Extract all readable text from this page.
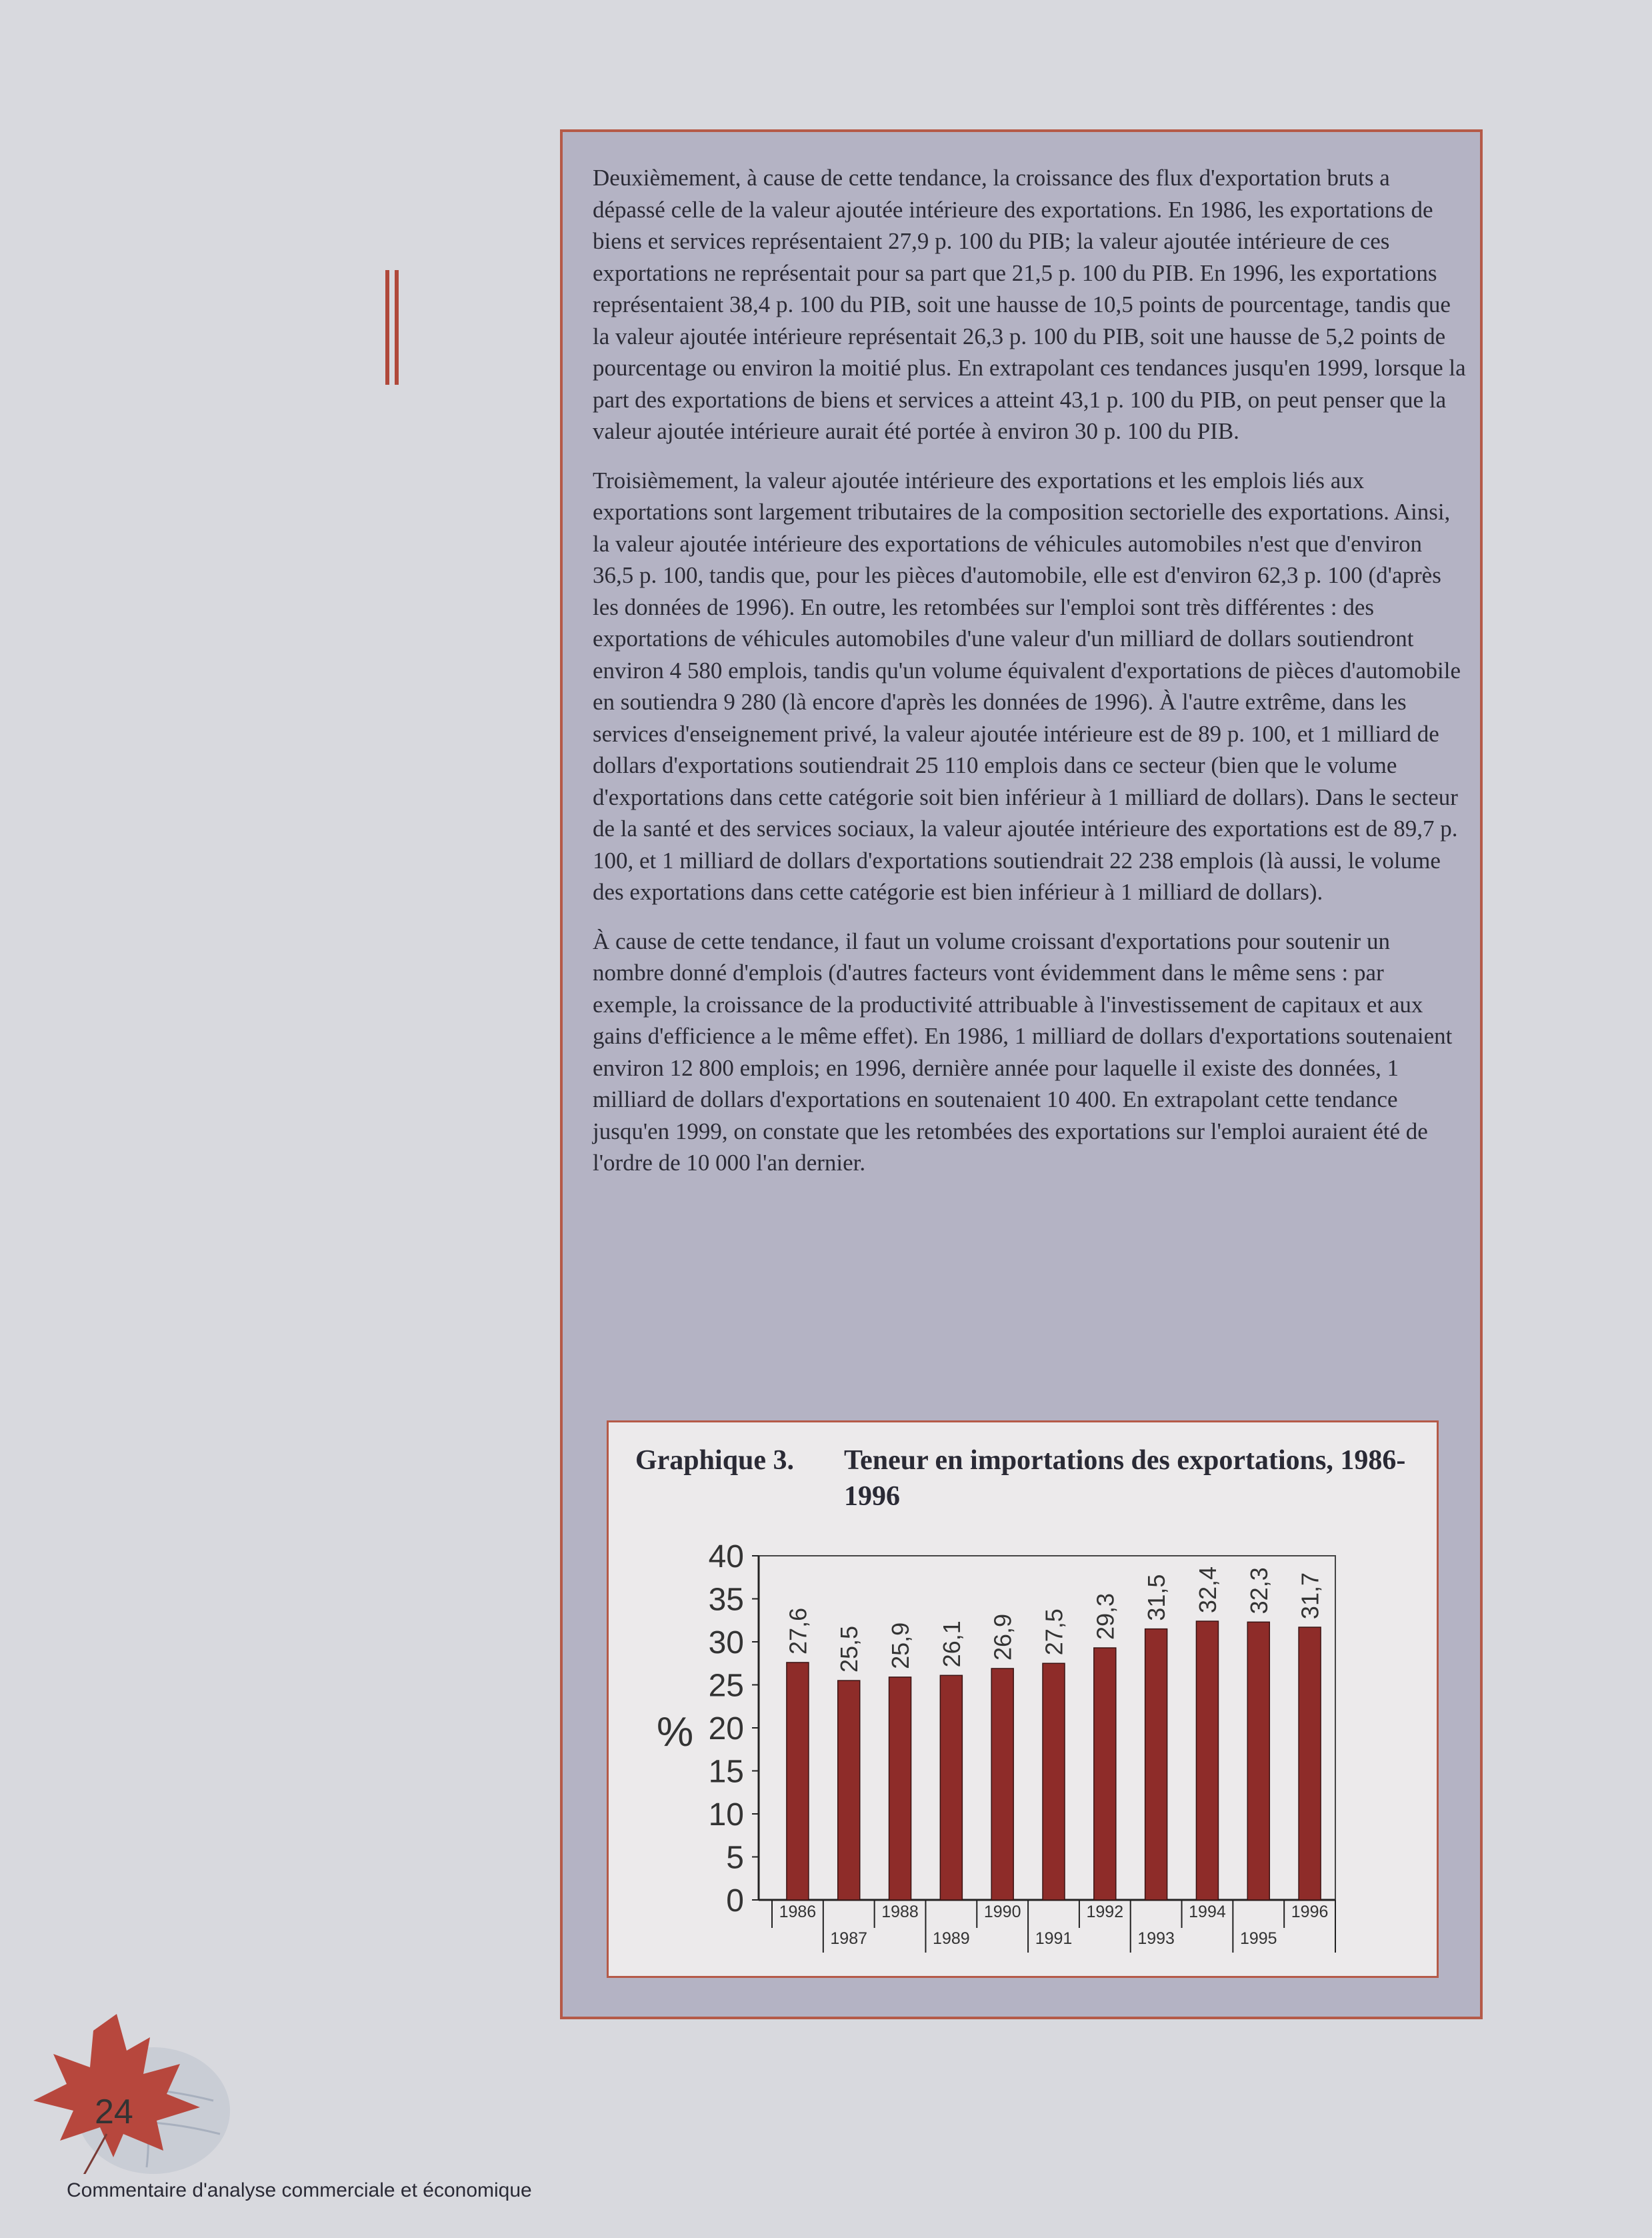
Deuxièmement, à cause de cette tendance, la croissance des flux d'exportation bruts a dépassé celle de la valeur ajoutée intérieure des exportations. En 1986, les exportations de biens et services représentaient 27,9 p. 100 du PIB; la valeur ajoutée intérieure de ces exportations ne représentait pour sa part que 21,5 p. 100 du PIB. En 1996, les exportations représentaient 38,4 p. 100 du PIB, soit une hausse de 10,5 points de pourcentage, tandis que la valeur ajoutée intérieure représentait 26,3 p. 100 du PIB, soit une hausse de 5,2 points de pourcentage ou environ la moitié plus. En extrapolant ces tendances jusqu'en 1999, lorsque la part des exportations de biens et services a atteint 43,1 p. 100 du PIB, on peut penser que la valeur ajoutée intérieure aurait été portée à environ 30 p. 100 du PIB.

Troisièmement, la valeur ajoutée intérieure des exportations et les emplois liés aux exportations sont largement tributaires de la composition sectorielle des exportations. Ainsi, la valeur ajoutée intérieure des exportations de véhicules automobiles n'est que d'environ 36,5 p. 100, tandis que, pour les pièces d'automobile, elle est d'environ 62,3 p. 100 (d'après les données de 1996). En outre, les retombées sur l'emploi sont très différentes : des exportations de véhicules automobiles d'une valeur d'un milliard de dollars soutiendront environ 4 580 emplois, tandis qu'un volume équivalent d'exportations de pièces d'automobile en soutiendra 9 280 (là encore d'après les données de 1996). À l'autre extrême, dans les services d'enseignement privé, la valeur ajoutée intérieure est de 89 p. 100, et 1 milliard de dollars d'exportations soutiendrait 25 110 emplois dans ce secteur (bien que le volume d'exportations dans cette catégorie soit bien inférieur à 1 milliard de dollars). Dans le secteur de la santé et des services sociaux, la valeur ajoutée intérieure des exportations est de 89,7 p. 100, et 1 milliard de dollars d'exportations soutiendrait 22 238 emplois (là aussi, le volume des exportations dans cette catégorie est bien inférieur à 1 milliard de dollars).

À cause de cette tendance, il faut un volume croissant d'exportations pour soutenir un nombre donné d'emplois (d'autres facteurs vont évidemment dans le même sens : par exemple, la croissance de la productivité attribuable à l'investissement de capitaux et aux gains d'efficience a le même effet). En 1986, 1 milliard de dollars d'exportations soutenaient environ 12 800 emplois; en 1996, dernière année pour laquelle il existe des données, 1 milliard de dollars d'exportations en soutenaient 10 400. En extrapolant cette tendance jusqu'en 1999, on constate que les retombées des exportations sur l'emploi auraient été de l'ordre de 10 000 l'an dernier.

0
5
10
15
20
25
30
35
40
%
27,6
1986
25,5
1987
25,9
1988
26,1
1989
26,9
1990
27,5
1991
29,3
1992
31,5
1993
32,4
1994
32,3
1995
31,7
1996
Graphique 3. Teneur en importations des exportations, 1986-1996
24
Commentaire d'analyse commerciale et économique
